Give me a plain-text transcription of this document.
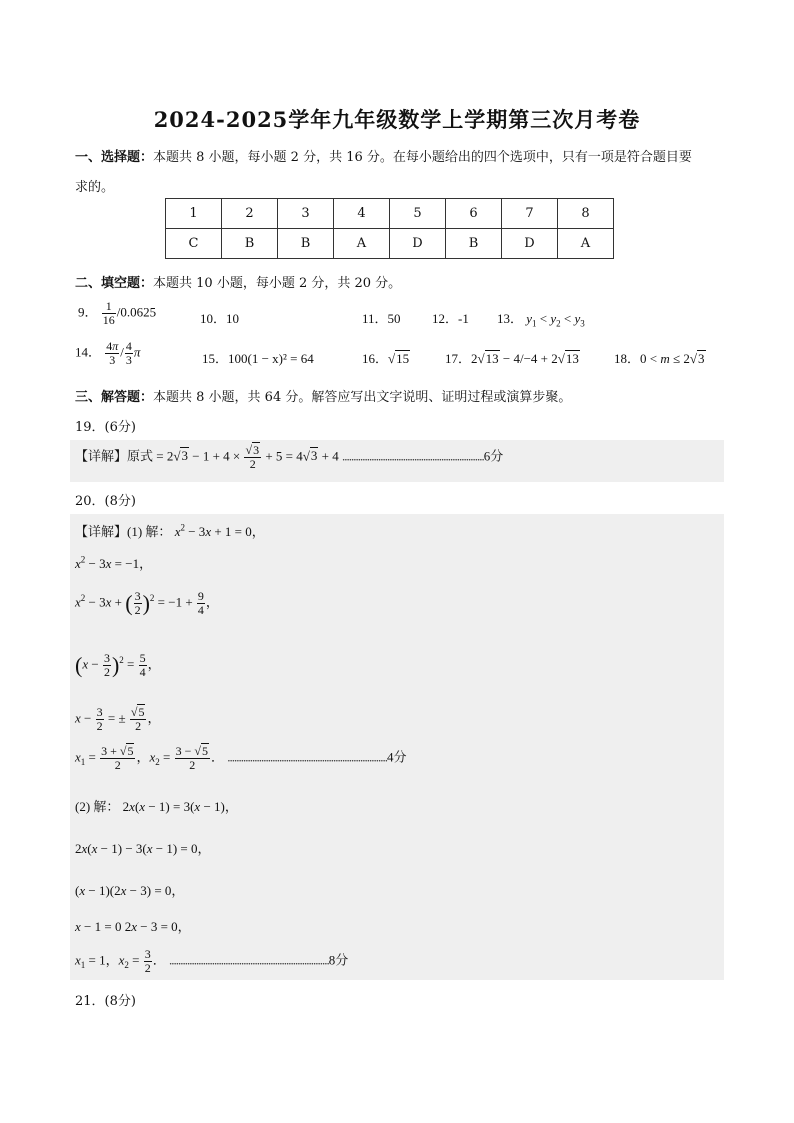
2024-2025学年九年级数学上学期第三次月考卷
一、选择题：本题共 8 小题，每小题 2 分，共 16 分。在每小题给出的四个选项中，只有一项是符合题目要
求的。
1	2	3	4	5	6	7	8
C	B	B	A	D	B	D	A
二、填空题：本题共 10 小题，每小题 2 分，共 20 分。
9． $\frac{1}{16} /0.0625$	10．10	11．50 12．-1 13． $y_1 < y_2 < y_3$
14． $\frac{4\pi}{3} / \frac{4}{3}$ π	15．100(1 − x)² = 64	16．√15	17．2√13 − 4/−4 + 2√13	18．0 < m ≤ 2√3
三、解答题：本题共 8 小题，共 64 分。解答应写出文字说明、证明过程或演算步聚。
19．(6分)
【详解】原式 = $2√3 - 1 + 4 \times \frac{√3}{2} + 5 = 4√3 + 4$ ...............................................................6分
20．(8分)
【详解】(1) 解： $x^2 - 3x + 1 = 0$，
$x^2 - 3x = -1$，
$x^2 - 3x$ + ( $\frac{3}{2} )^2 = -1 + \frac{9}{4}$ ，
$(x - \frac{3}{2} )^2 = \frac{5}{4}$ ，
$x - \frac{3}{2}$ = ± $\frac{√5}{2}$ ，
$x_1 = \frac{3 + √5}{2}$ ，$x_2 = \frac{3 - √5}{2}$ ． .......................................................................4分
(2) 解： 2x(x − 1) = 3(x − 1)，
2x(x − 1) − 3(x − 1) = 0，
(x − 1)(2x − 3) = 0，
x − 1 = 0 2x − 3 = 0，
$x_1 = 1$，$x_2 = \frac{3}{2}$ ． .......................................................................8分
21．(8分)
